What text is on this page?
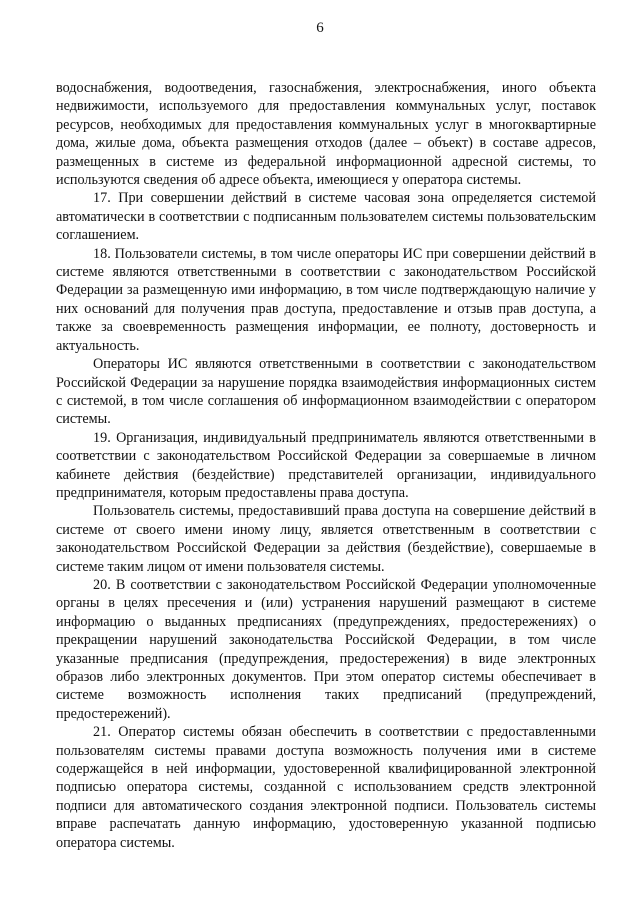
6

водоснабжения, водоотведения, газоснабжения, электроснабжения, иного объекта недвижимости, используемого для предоставления коммунальных услуг, поставок ресурсов, необходимых для предоставления коммунальных услуг в многоквартирные дома, жилые дома, объекта размещения отходов (далее – объект) в составе адресов, размещенных в системе из федеральной информационной адресной системы, то используются сведения об адресе объекта, имеющиеся у оператора системы.

17. При совершении действий в системе часовая зона определяется системой автоматически в соответствии с подписанным пользователем системы пользовательским соглашением.

18. Пользователи системы, в том числе операторы ИС при совершении действий в системе являются ответственными в соответствии с законодательством Российской Федерации за размещенную ими информацию, в том числе подтверждающую наличие у них оснований для получения прав доступа, предоставление и отзыв прав доступа, а также за своевременность размещения информации, ее полноту, достоверность и актуальность.

Операторы ИС являются ответственными в соответствии с законодательством Российской Федерации за нарушение порядка взаимодействия информационных систем с системой, в том числе соглашения об информационном взаимодействии с оператором системы.

19. Организация, индивидуальный предприниматель являются ответственными в соответствии с законодательством Российской Федерации за совершаемые в личном кабинете действия (бездействие) представителей организации, индивидуального предпринимателя, которым предоставлены права доступа.

Пользователь системы, предоставивший права доступа на совершение действий в системе от своего имени иному лицу, является ответственным в соответствии с законодательством Российской Федерации за действия (бездействие), совершаемые в системе таким лицом от имени пользователя системы.

20. В соответствии с законодательством Российской Федерации уполномоченные органы в целях пресечения и (или) устранения нарушений размещают в системе информацию о выданных предписаниях (предупреждениях, предостережениях) о прекращении нарушений законодательства Российской Федерации, в том числе указанные предписания (предупреждения, предостережения) в виде электронных образов либо электронных документов. При этом оператор системы обеспечивает в системе возможность исполнения таких предписаний (предупреждений, предостережений).

21. Оператор системы обязан обеспечить в соответствии с предоставленными пользователям системы правами доступа возможность получения ими в системе содержащейся в ней информации, удостоверенной квалифицированной электронной подписью оператора системы, созданной с использованием средств электронной подписи для автоматического создания электронной подписи. Пользователь системы вправе распечатать данную информацию, удостоверенную указанной подписью оператора системы.
